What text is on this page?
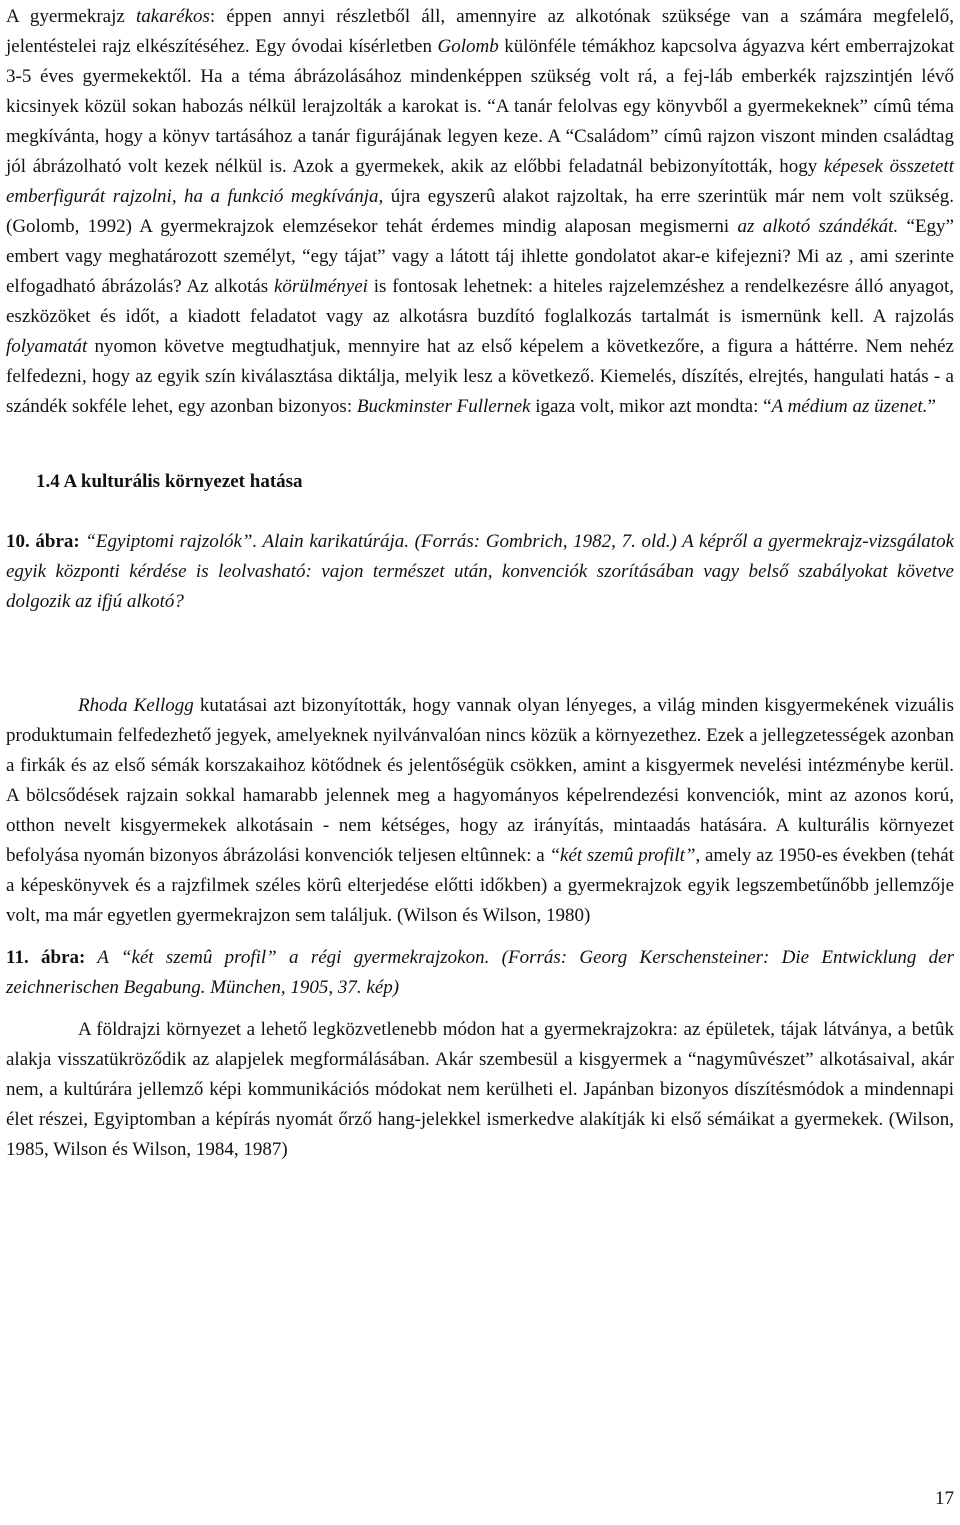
A gyermekrajz takarékos: éppen annyi részletből áll, amennyire az alkotónak szüksége van a számára megfelelő, jelentéstelei rajz elkészítéséhez. Egy óvodai kísérletben Golomb különféle témákhoz kapcsolva ágyazva kért emberrajzokat 3-5 éves gyermekektől. Ha a téma ábrázolásához mindenképpen szükség volt rá, a fej-láb emberkék rajzszintjén lévő kicsinyek közül sokan habozás nélkül lerajzolták a karokat is. “A tanár felolvas egy könyvből a gyermekeknek” címû téma megkívánta, hogy a könyv tartásához a tanár figurájának legyen keze. A “Családom” címû rajzon viszont minden családtag jól ábrázolható volt kezek nélkül is. Azok a gyermekek, akik az előbbi feladatnál bebizonyították, hogy képesek összetett emberfigurát rajzolni, ha a funkció megkívánja, újra egyszerû alakot rajzoltak, ha erre szerintük már nem volt szükség. (Golomb, 1992) A gyermekrajzok elemzésekor tehát érdemes mindig alaposan megismerni az alkotó szándékát. “Egy” embert vagy meghatározott személyt, “egy tájat” vagy a látott táj ihlette gondolatot akar-e kifejezni? Mi az , ami szerinte elfogadható ábrázolás? Az alkotás körülményei is fontosak lehetnek: a hiteles rajzelemzéshez a rendelkezésre álló anyagot, eszközöket és időt, a kiadott feladatot vagy az alkotásra buzdító foglalkozás tartalmát is ismernünk kell. A rajzolás folyamatát nyomon követve megtudhatjuk, mennyire hat az első képelem a következőre, a figura a háttérre. Nem nehéz felfedezni, hogy az egyik szín kiválasztása diktálja, melyik lesz a következő. Kiemelés, díszítés, elrejtés, hangulati hatás - a szándék sokféle lehet, egy azonban bizonyos: Buckminster Fullernek igaza volt, mikor azt mondta: “A médium az üzenet.”

1.4 A kulturális környezet hatása

10. ábra: “Egyiptomi rajzolók”. Alain karikatúrája. (Forrás: Gombrich, 1982, 7. old.) A képről a gyermekrajz-vizsgálatok egyik központi kérdése is leolvasható: vajon természet után, konvenciók szorításában vagy belső szabályokat követve dolgozik az ifjú alkotó?

Rhoda Kellogg kutatásai azt bizonyították, hogy vannak olyan lényeges, a világ minden kisgyermekének vizuális produktumain felfedezhető jegyek, amelyeknek nyilvánvalóan nincs közük a környezethez. Ezek a jellegzetességek azonban a firkák és az első sémák korszakaihoz kötődnek és jelentőségük csökken, amint a kisgyermek nevelési intézménybe kerül. A bölcsődések rajzain sokkal hamarabb jelennek meg a hagyományos képelrendezési konvenciók, mint az azonos korú, otthon nevelt kisgyermekek alkotásain - nem kétséges, hogy az irányítás, mintaadás hatására. A kulturális környezet befolyása nyomán bizonyos ábrázolási konvenciók teljesen eltûnnek: a “két szemû profilt”, amely az 1950-es években (tehát a képeskönyvek és a rajzfilmek széles körû elterjedése előtti időkben) a gyermekrajzok egyik legszembetűnőbb jellemzője volt, ma már egyetlen gyermekrajzon sem találjuk. (Wilson és Wilson, 1980)

11. ábra: A “két szemû profil” a régi gyermekrajzokon. (Forrás: Georg Kerschensteiner: Die Entwicklung der zeichnerischen Begabung. München, 1905, 37. kép)

A földrajzi környezet a lehető legközvetlenebb módon hat a gyermekrajzokra: az épületek, tájak látványa, a betûk alakja visszatükröződik az alapjelek megformálásában. Akár szembesül a kisgyermek a “nagymûvészet” alkotásaival, akár nem, a kultúrára jellemző képi kommunikációs módokat nem kerülheti el. Japánban bizonyos díszítésmódok a mindennapi élet részei, Egyiptomban a képírás nyomát őrző hang-jelekkel ismerkedve alakítják ki első sémáikat a gyermekek. (Wilson, 1985, Wilson és Wilson, 1984, 1987)

17
